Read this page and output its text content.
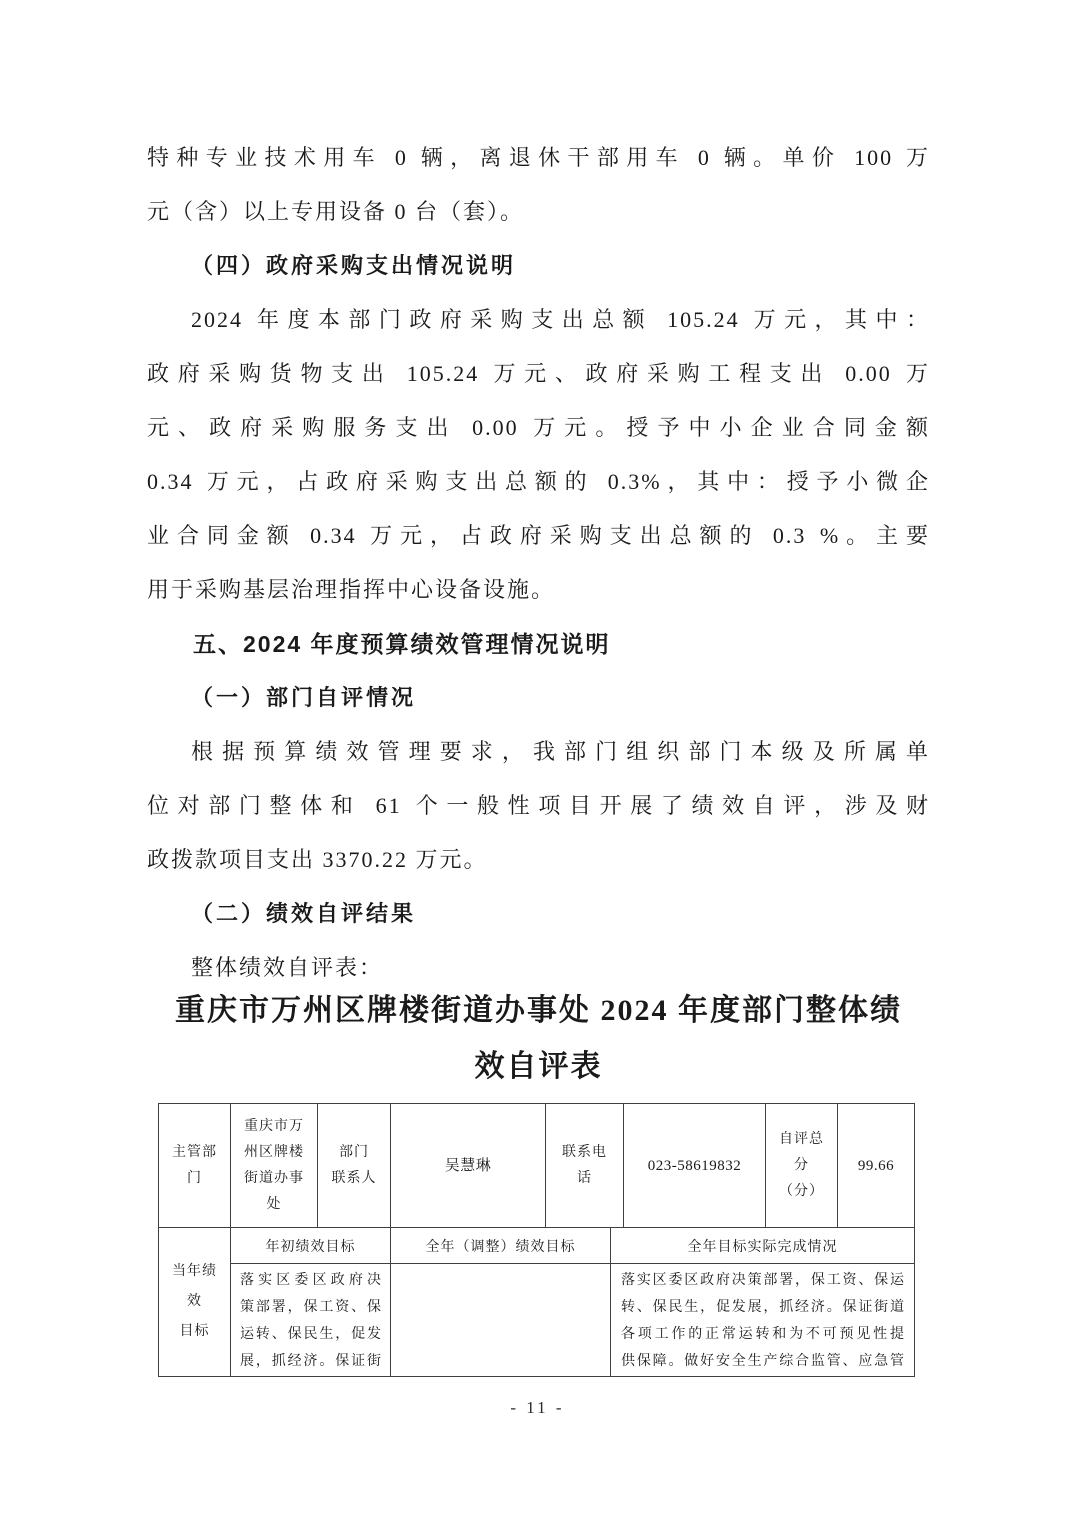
特种专业技术用车 0 辆，离退休干部用车 0 辆。单价 100 万
元（含）以上专用设备 0 台（套）。
（四）政府采购支出情况说明
2024 年度本部门政府采购支出总额 105.24 万元，其中：
政府采购货物支出 105.24 万元、政府采购工程支出 0.00 万
元、政府采购服务支出 0.00 万元。授予中小企业合同金额
0.34 万元，占政府采购支出总额的 0.3%，其中：授予小微企
业合同金额 0.34 万元，占政府采购支出总额的 0.3 %。主要
用于采购基层治理指挥中心设备设施。
五、2024 年度预算绩效管理情况说明
（一）部门自评情况
根据预算绩效管理要求，我部门组织部门本级及所属单
位对部门整体和 61 个一般性项目开展了绩效自评，涉及财
政拨款项目支出 3370.22 万元。
（二）绩效自评结果
整体绩效自评表：
重庆市万州区牌楼街道办事处 2024 年度部门整体绩
效自评表
主管部
门
重庆市万
州区牌楼
街道办事
处
部门
联系人
吴慧琳
联系电
话
023-58619832
自评总
分
（分）
99.66
当年绩
效
目标
年初绩效目标	全年（调整）绩效目标	全年目标实际完成情况
落实区委区政府决
策部署，保工资、保
运转、保民生，促发
展，抓经济。保证街
落实区委区政府决策部署，保工资、保运
转、保民生，促发展，抓经济。保证街道
各项工作的正常运转和为不可预见性提
供保障。做好安全生产综合监管、应急管
- 11 -
